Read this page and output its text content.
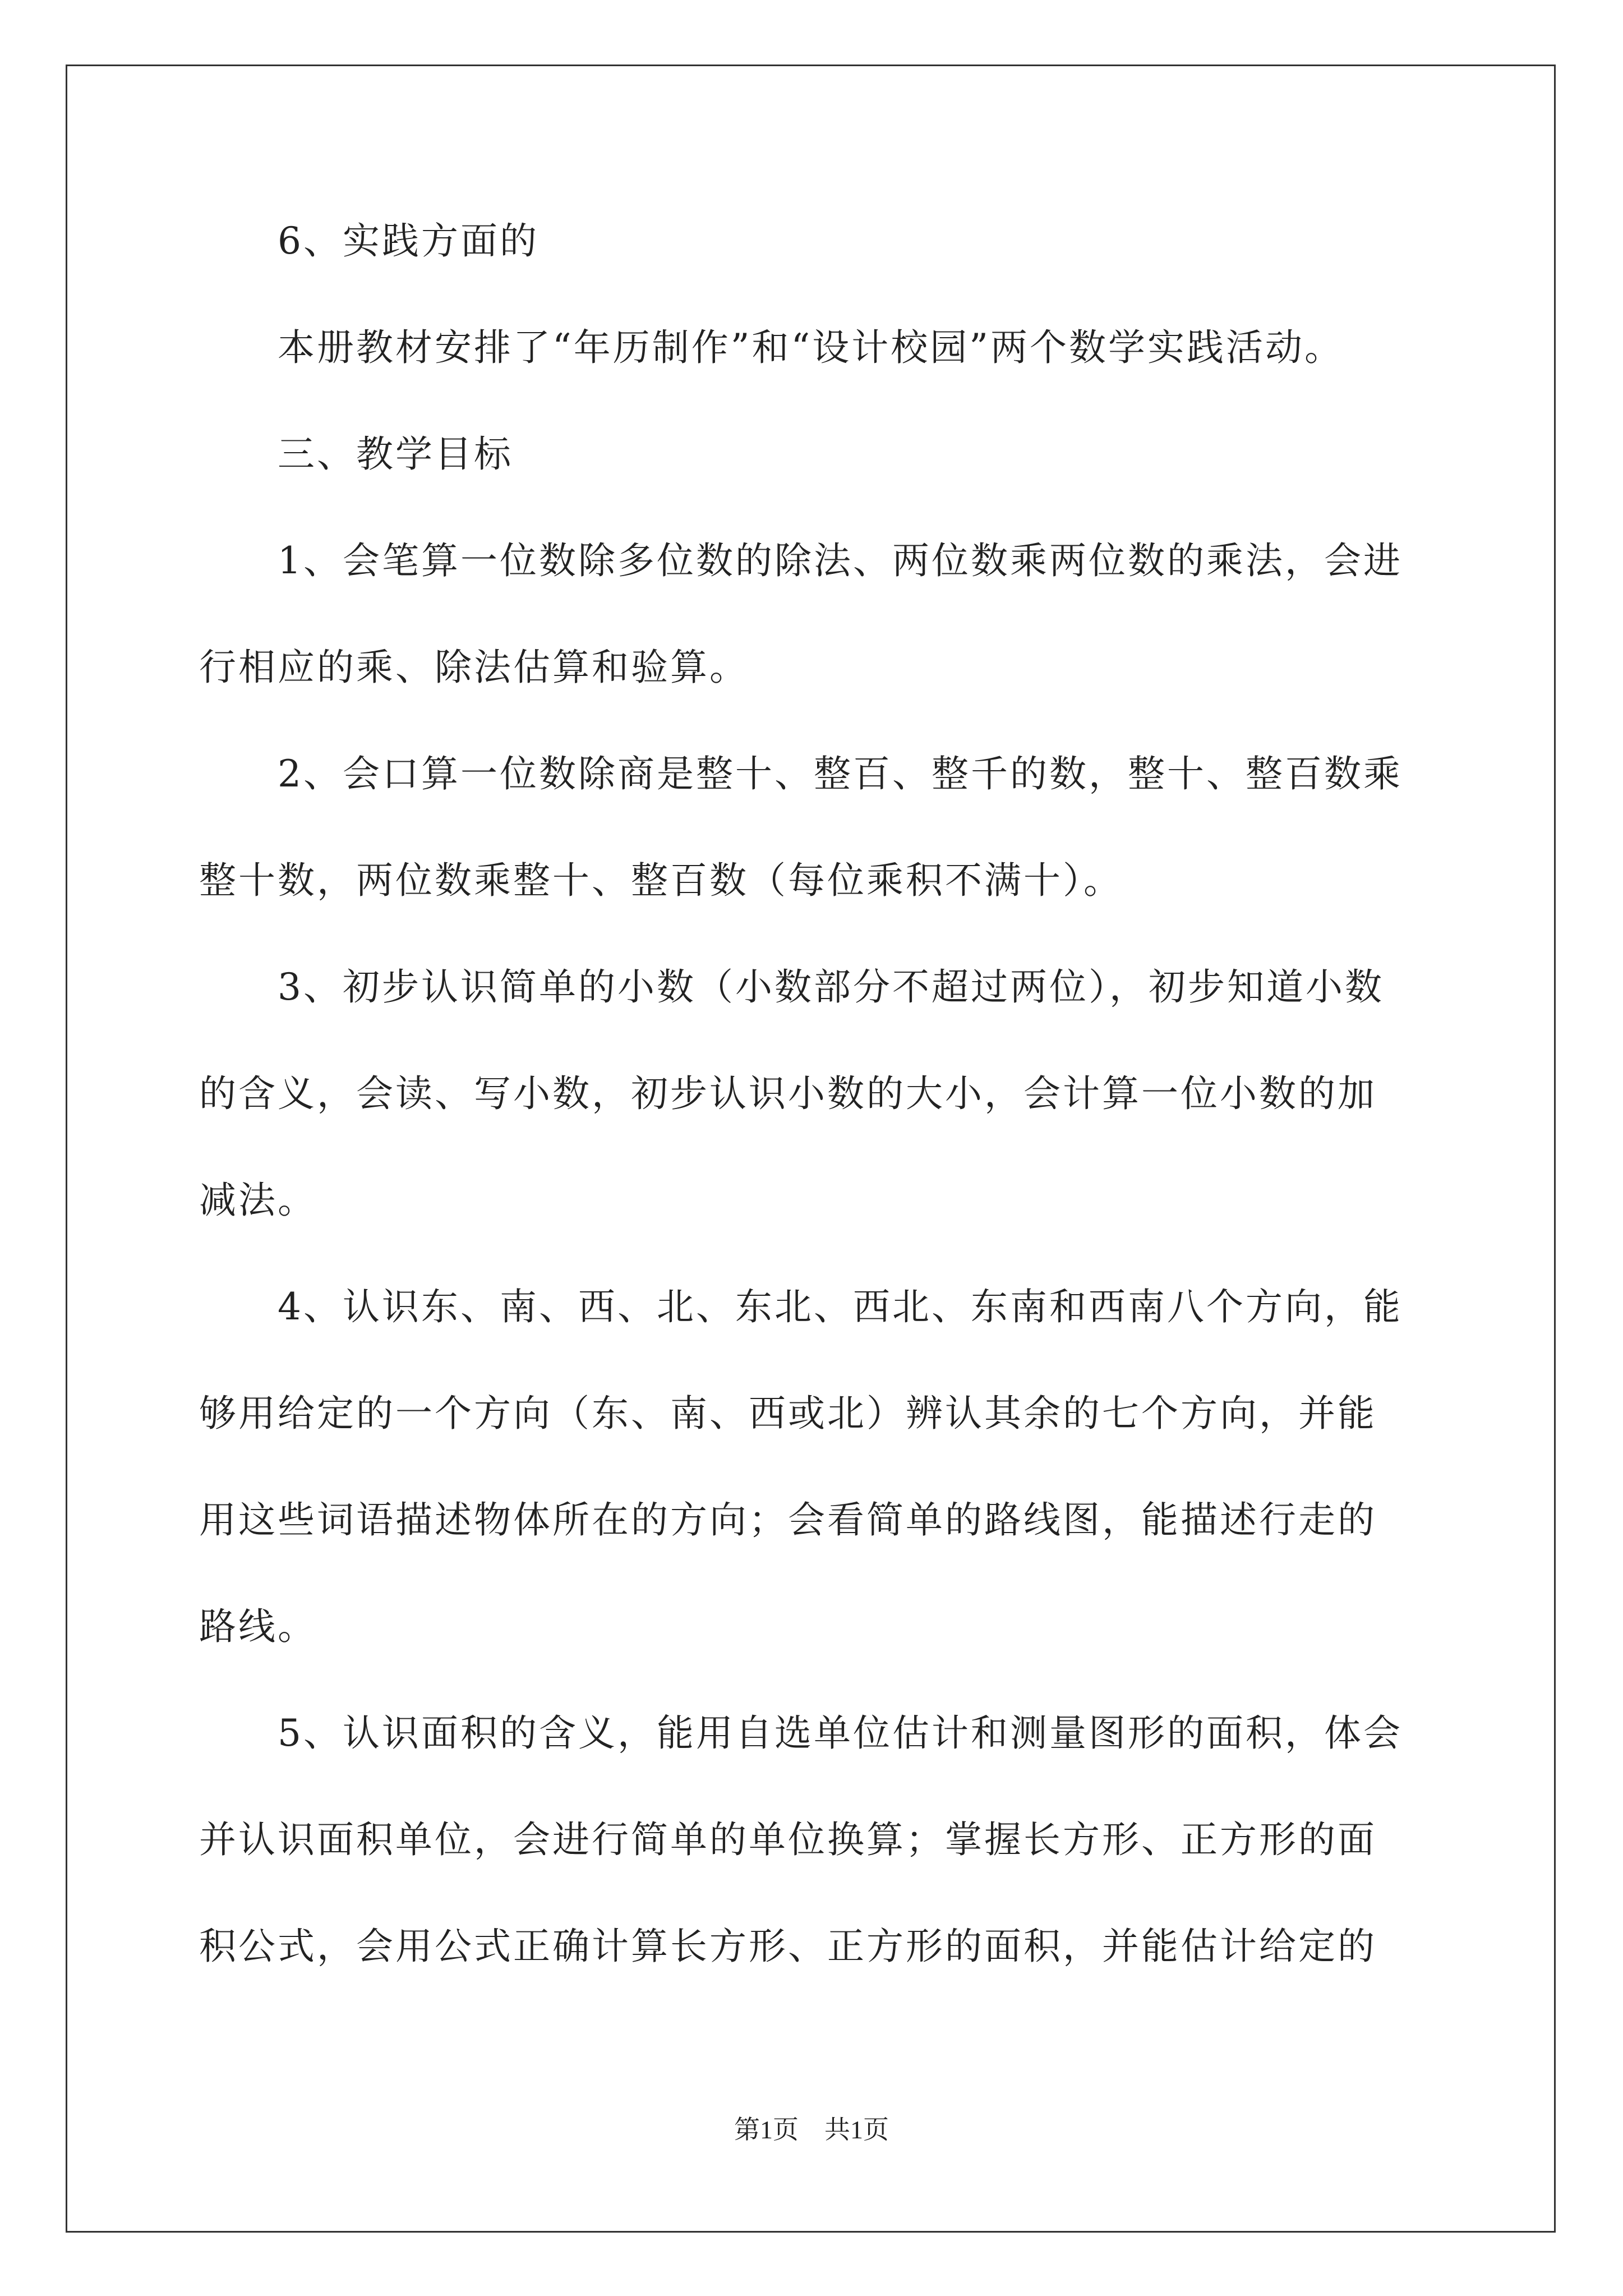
6、实践方面的
本册教材安排了“年历制作”和“设计校园”两个数学实践活动。
三、教学目标
1、会笔算一位数除多位数的除法、两位数乘两位数的乘法，会进
行相应的乘、除法估算和验算。
2、会口算一位数除商是整十、整百、整千的数，整十、整百数乘
整十数，两位数乘整十、整百数（每位乘积不满十）。
3、初步认识简单的小数（小数部分不超过两位），初步知道小数
的含义，会读、写小数，初步认识小数的大小，会计算一位小数的加
减法。
4、认识东、南、西、北、东北、西北、东南和西南八个方向，能
够用给定的一个方向（东、南、西或北）辨认其余的七个方向，并能
用这些词语描述物体所在的方向；会看简单的路线图，能描述行走的
路线。
5、认识面积的含义，能用自选单位估计和测量图形的面积，体会
并认识面积单位，会进行简单的单位换算；掌握长方形、正方形的面
积公式，会用公式正确计算长方形、正方形的面积，并能估计给定的
第1页　共1页
